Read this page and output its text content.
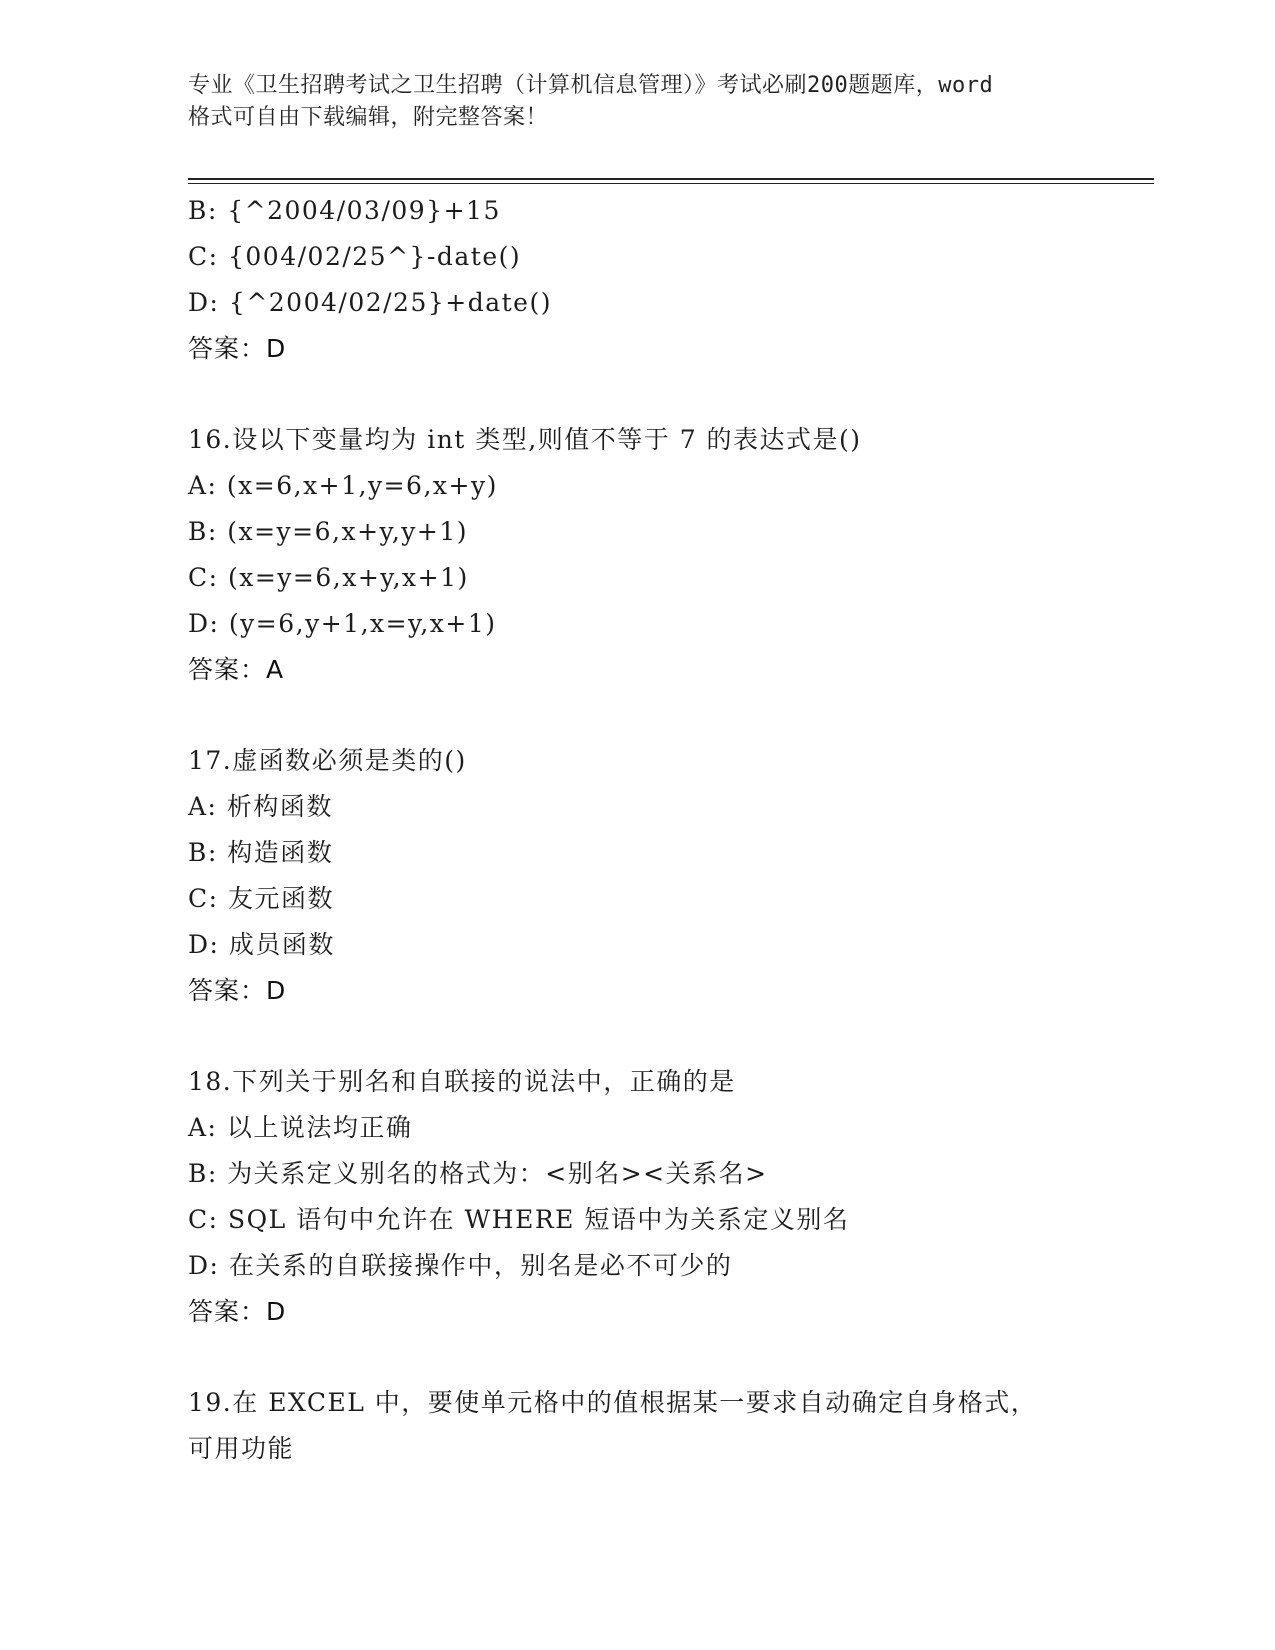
专业《卫生招聘考试之卫生招聘（计算机信息管理）》考试必刷200题题库，word
格式可自由下载编辑，附完整答案！
B: {^2004/03/09}+15
C: {004/02/25^}-date()
D: {^2004/02/25}+date()
答案：D
16.设以下变量均为 int 类型,则值不等于 7 的表达式是()
A: (x=6,x+1,y=6,x+y)
B: (x=y=6,x+y,y+1)
C: (x=y=6,x+y,x+1)
D: (y=6,y+1,x=y,x+1)
答案：A
17.虚函数必须是类的()
A: 析构函数
B: 构造函数
C: 友元函数
D: 成员函数
答案：D
18.下列关于别名和自联接的说法中，正确的是
A: 以上说法均正确
B: 为关系定义别名的格式为：<别名><关系名>
C: SQL 语句中允许在 WHERE 短语中为关系定义别名
D: 在关系的自联接操作中，别名是必不可少的
答案：D
19.在 EXCEL 中，要使单元格中的值根据某一要求自动确定自身格式，
可用功能
